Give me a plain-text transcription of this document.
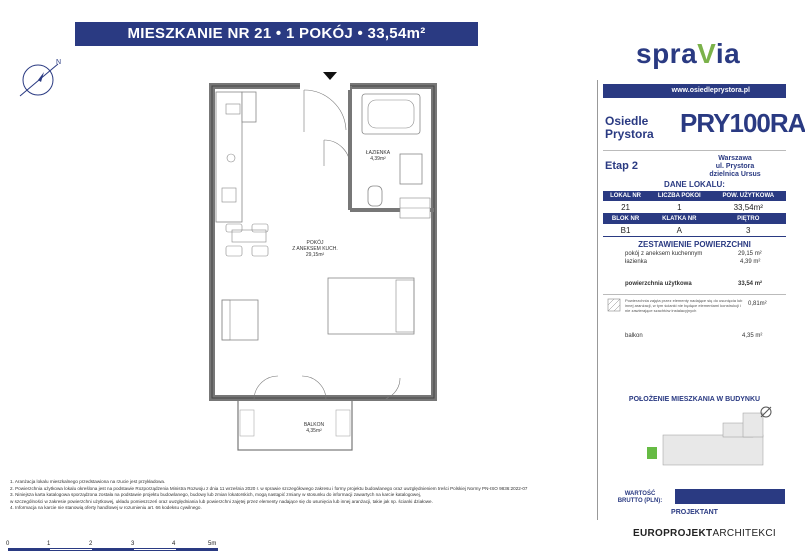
MIESZKANIE NR 21 • 1 POKÓJ • 33,54m²
N
ŁAZIENKA
4,39m²
POKÓJ
Z ANEKSEM KUCH.
29,15m²
BALKON
4,35m²
spraVia
www.osiedleprystora.pl
Osiedle
Prystora PRY100RA
Etap 2
Warszawa
ul. Prystora
dzielnica Ursus
DANE LOKALU:
LOKAL NR	LICZBA POKOI	POW. UŻYTKOWA
21	1	33,54m²
BLOK NR	KLATKA NR	PIĘTRO
B1	A	3
ZESTAWIENIE POWIERZCHNI
pokój z aneksem kuchennym	29,15 m²
łazienka	4,39 m²
powierzchnia użytkowa	33,54 m²
Powierzchnia zajęta przez elementy nadające się do usunięcia lub innej aranżacji, w tym ścianki nie będące elementami konstrukcji i nie zawierające szachtów instalacyjnych
0,81m²
balkon	4,35 m²
POŁOŻENIE MIESZKANIA W BUDYNKU
WARTOŚĆ
BRUTTO (PLN):
PROJEKTANT
EUROPROJEKTARCHITEKCI
1. Aranżacja lokalu mieszkalnego przedstawiona na rzucie jest przykładowa.
2. Powierzchnia użytkowa lokalu określona jest na podstawie Rozporządzenia Ministra Rozwoju z dnia 11 września 2020 r. w sprawie szczegółowego zakresu i formy projektu budowlanego oraz uwzględnieniem treści Polskiej Normy PN-ISO 9836:2022-07
3. Niniejsza karta katalogowa sporządzona została na podstawie projektu budowlanego, budowy lub zmian lokatorskich, mogą nastąpić zmiany w stosunku do informacji zawartych na karcie katalogowej,
w szczególności w zakresie powierzchni użytkowej, układu pomieszczeń oraz uwzględniania lub powierzchni zajętej przez elementy nadające się do usunięcia lub innej aranżacji, takie jak np. ścianki działowe.
4. Informacja na karcie nie stanowią oferty handlowej w rozumieniu art. 66 kodeksu cywilnego.
0	1	2	3	4	5m
